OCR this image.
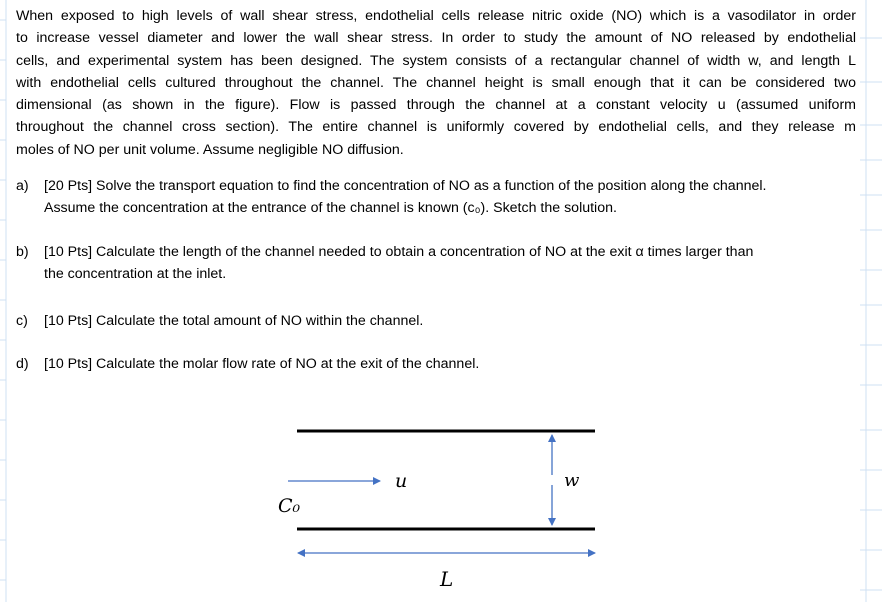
When exposed to high levels of wall shear stress, endothelial cells release nitric oxide (NO) which is a vasodilator in order
to increase vessel diameter and lower the wall shear stress. In order to study the amount of NO released by endothelial
cells, and experimental system has been designed. The system consists of a rectangular channel of width w, and length L
with endothelial cells cultured throughout the channel. The channel height is small enough that it can be considered two
dimensional (as shown in the figure). Flow is passed through the channel at a constant velocity u (assumed uniform
throughout the channel cross section). The entire channel is uniformly covered by endothelial cells, and they release m
moles of NO per unit volume. Assume negligible NO diffusion.

a) [20 Pts] Solve the transport equation to find the concentration of NO as a function of the position along the channel.
Assume the concentration at the entrance of the channel is known (c₀). Sketch the solution.
b) [10 Pts] Calculate the length of the channel needed to obtain a concentration of NO at the exit α times larger than
the concentration at the inlet.
c) [10 Pts] Calculate the total amount of NO within the channel.
d) [10 Pts] Calculate the molar flow rate of NO at the exit of the channel.
u
C₀
w
L
